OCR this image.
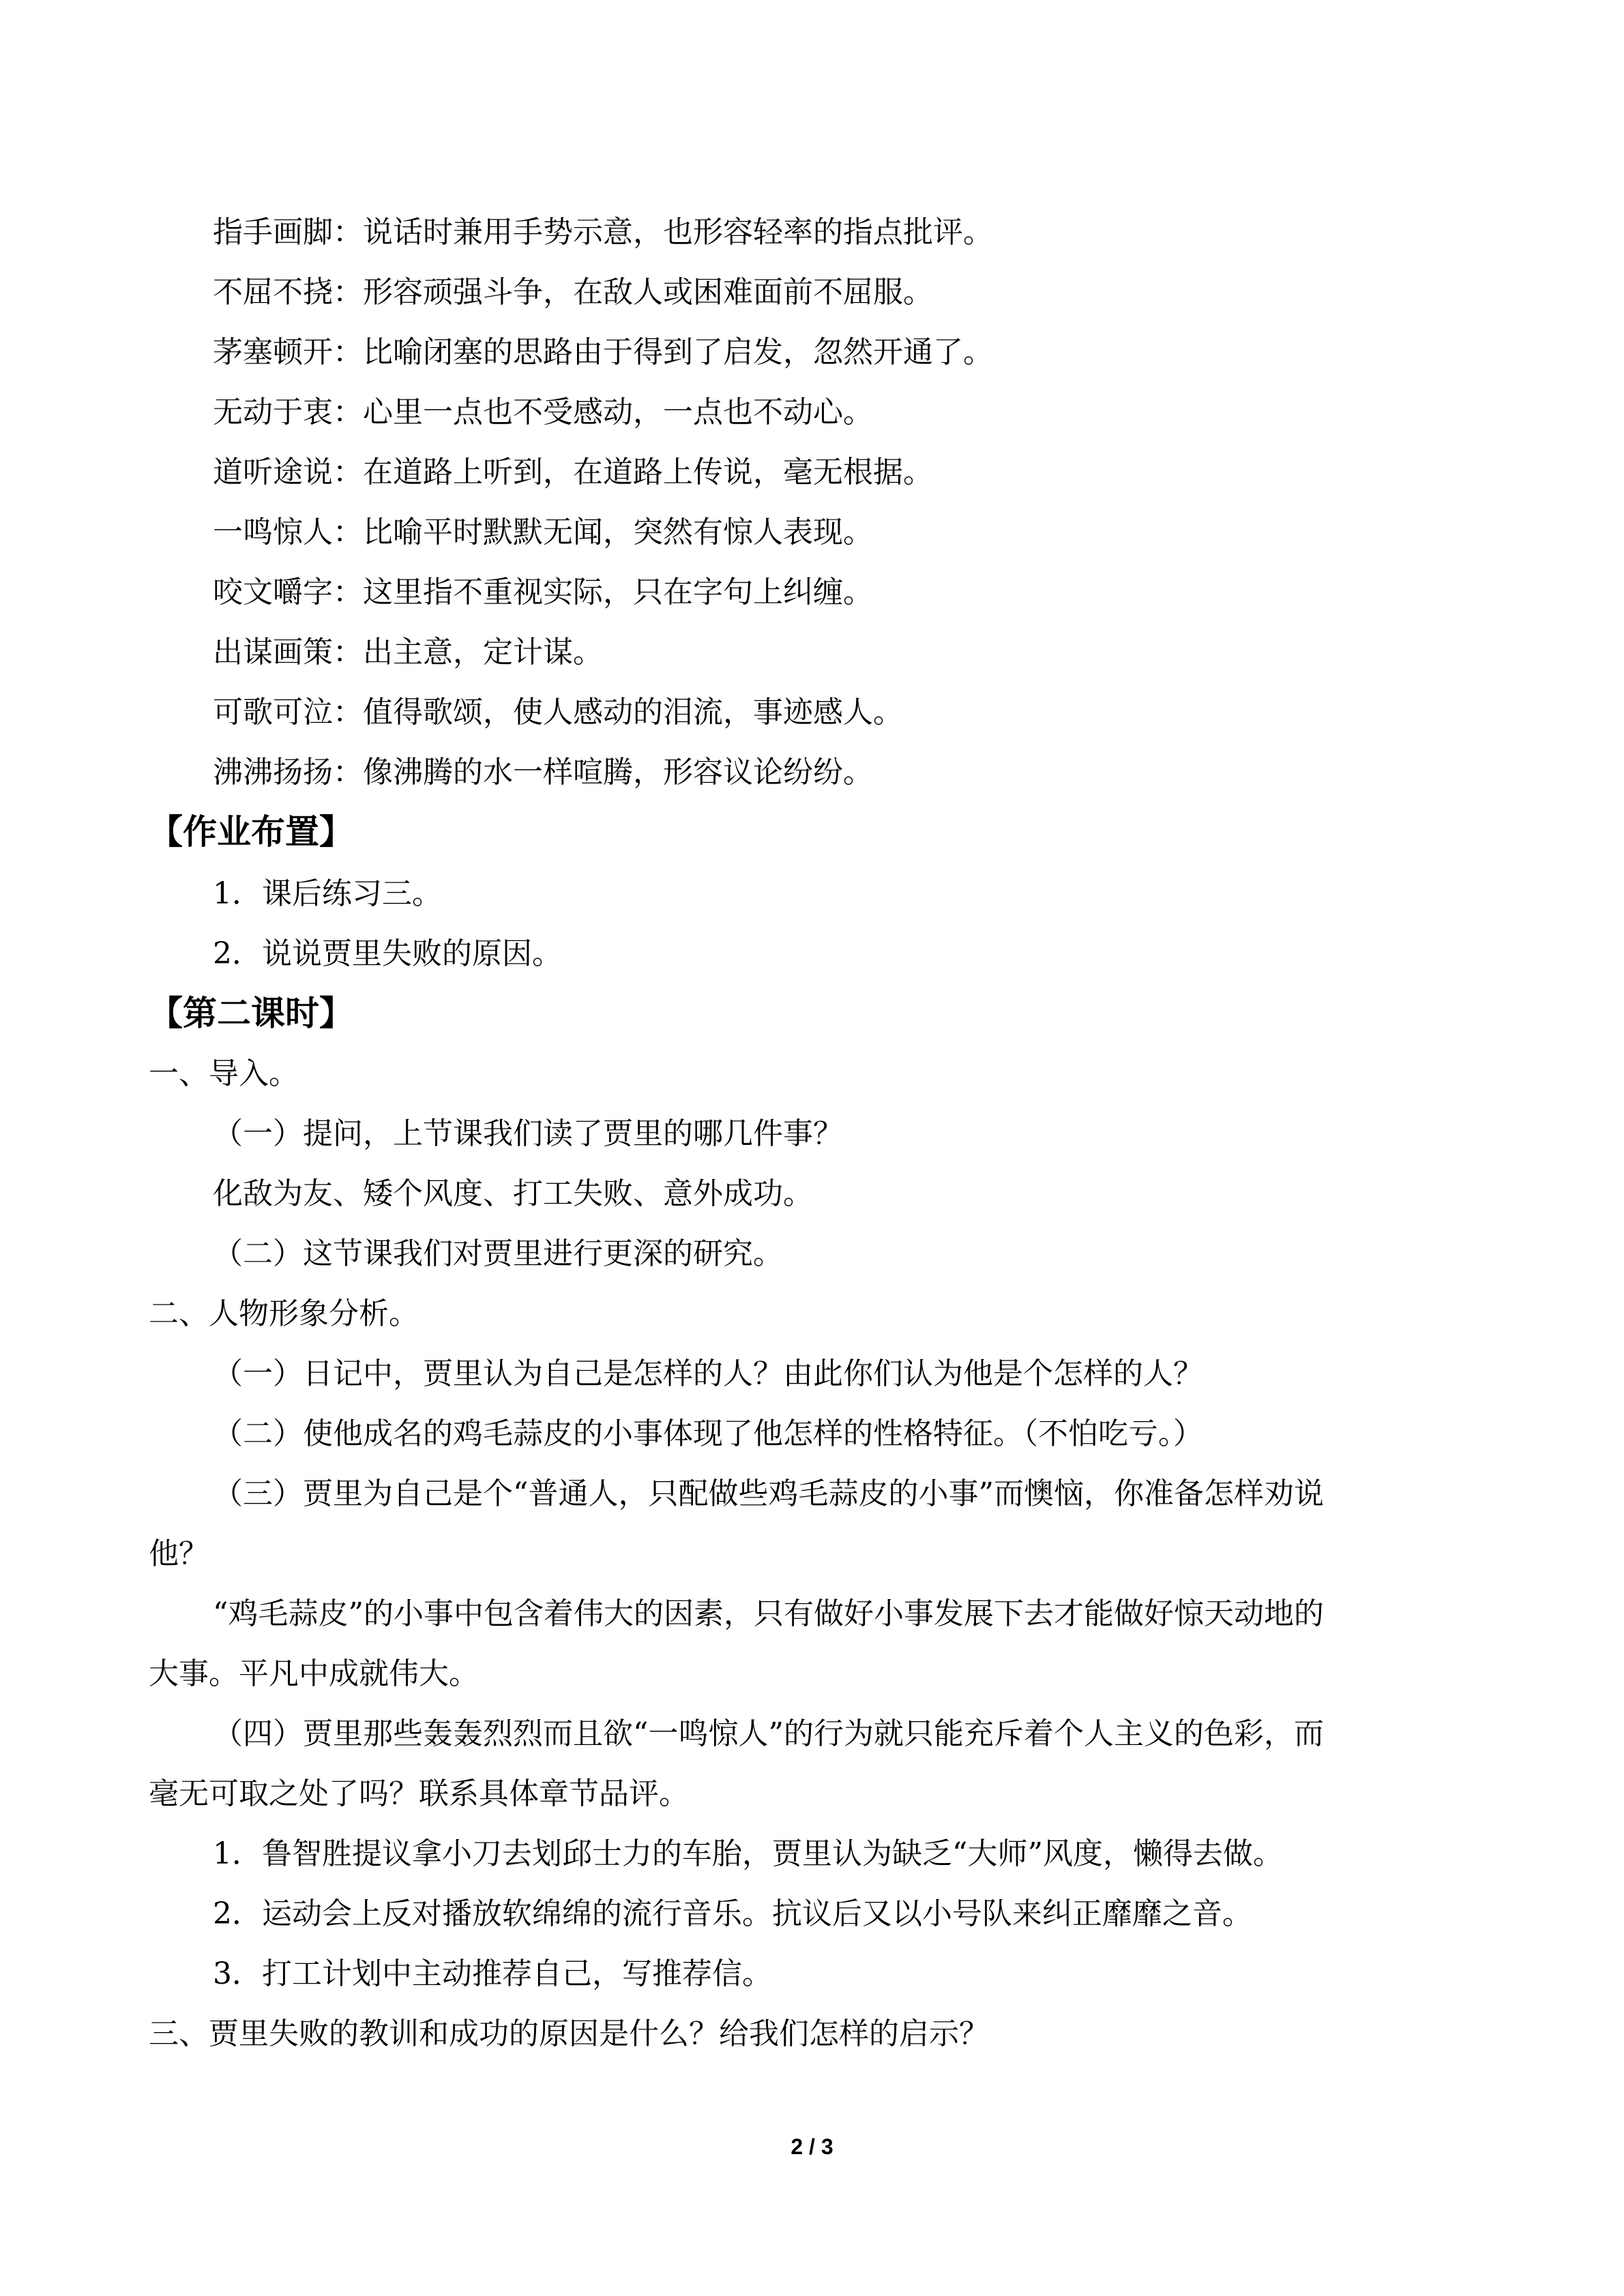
指手画脚：说话时兼用手势示意，也形容轻率的指点批评。
不屈不挠：形容顽强斗争，在敌人或困难面前不屈服。
茅塞顿开：比喻闭塞的思路由于得到了启发，忽然开通了。
无动于衷：心里一点也不受感动，一点也不动心。
道听途说：在道路上听到，在道路上传说，毫无根据。
一鸣惊人：比喻平时默默无闻，突然有惊人表现。
咬文嚼字：这里指不重视实际，只在字句上纠缠。
出谋画策：出主意，定计谋。
可歌可泣：值得歌颂，使人感动的泪流，事迹感人。
沸沸扬扬：像沸腾的水一样喧腾，形容议论纷纷。
【作业布置】
1．课后练习三。
2．说说贾里失败的原因。
【第二课时】
一、导入。
（一）提问，上节课我们读了贾里的哪几件事？
化敌为友、矮个风度、打工失败、意外成功。
（二）这节课我们对贾里进行更深的研究。
二、人物形象分析。
（一）日记中，贾里认为自己是怎样的人？由此你们认为他是个怎样的人？
（二）使他成名的鸡毛蒜皮的小事体现了他怎样的性格特征。（不怕吃亏。）
（三）贾里为自己是个“普通人，只配做些鸡毛蒜皮的小事”而懊恼，你准备怎样劝说
他？
“鸡毛蒜皮”的小事中包含着伟大的因素，只有做好小事发展下去才能做好惊天动地的
大事。平凡中成就伟大。
（四）贾里那些轰轰烈烈而且欲“一鸣惊人”的行为就只能充斥着个人主义的色彩，而
毫无可取之处了吗？联系具体章节品评。
1．鲁智胜提议拿小刀去划邱士力的车胎，贾里认为缺乏“大师”风度，懒得去做。
2．运动会上反对播放软绵绵的流行音乐。抗议后又以小号队来纠正靡靡之音。
3．打工计划中主动推荐自己，写推荐信。
三、贾里失败的教训和成功的原因是什么？给我们怎样的启示？
2 / 3
